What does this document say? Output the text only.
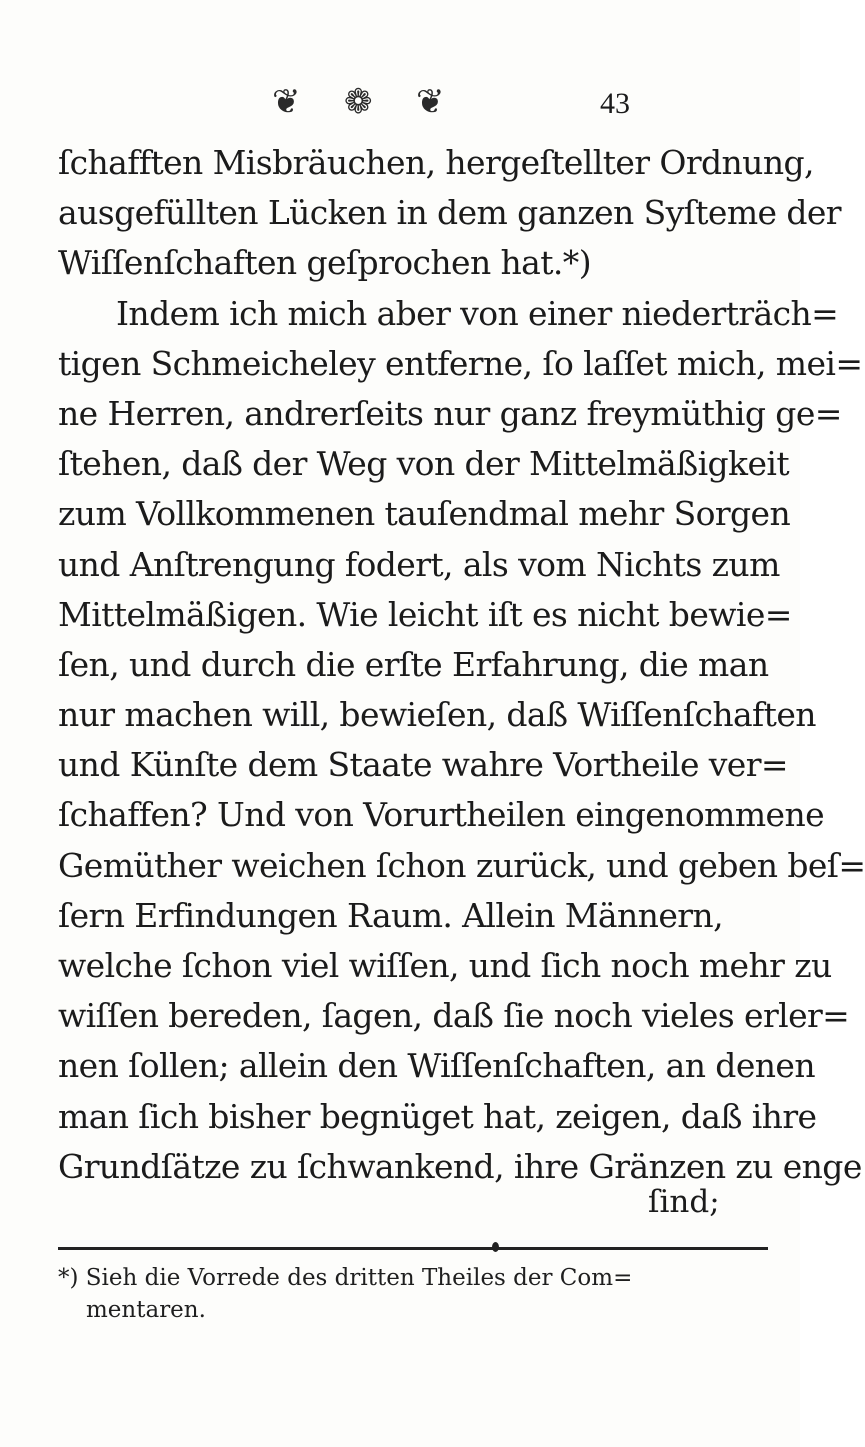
❦ ❁ ❦	43
ſchafften Misbräuchen, hergeſtellter Ordnung,
ausgefüllten Lücken in dem ganzen Syſteme der
Wiſſenſchaften geſprochen hat.*)
Indem ich mich aber von einer niederträch=
tigen Schmeicheley entferne, ſo laſſet mich, mei=
ne Herren, andrerſeits nur ganz freymüthig ge=
ſtehen, daß der Weg von der Mittelmäßigkeit
zum Vollkommenen tauſendmal mehr Sorgen
und Anſtrengung fodert, als vom Nichts zum
Mittelmäßigen. Wie leicht iſt es nicht bewie=
ſen, und durch die erſte Erfahrung, die man
nur machen will, bewieſen, daß Wiſſenſchaften
und Künſte dem Staate wahre Vortheile ver=
ſchaffen? Und von Vorurtheilen eingenommene
Gemüther weichen ſchon zurück, und geben beſ=
ſern Erfindungen Raum. Allein Männern,
welche ſchon viel wiſſen, und ſich noch mehr zu
wiſſen bereden, ſagen, daß ſie noch vieles erler=
nen ſollen; allein den Wiſſenſchaften, an denen
man ſich bisher begnüget hat, zeigen, daß ihre
Grundſätze zu ſchwankend, ihre Gränzen zu enge
ſind;
*) Sieh die Vorrede des dritten Theiles der Com=
mentaren.
